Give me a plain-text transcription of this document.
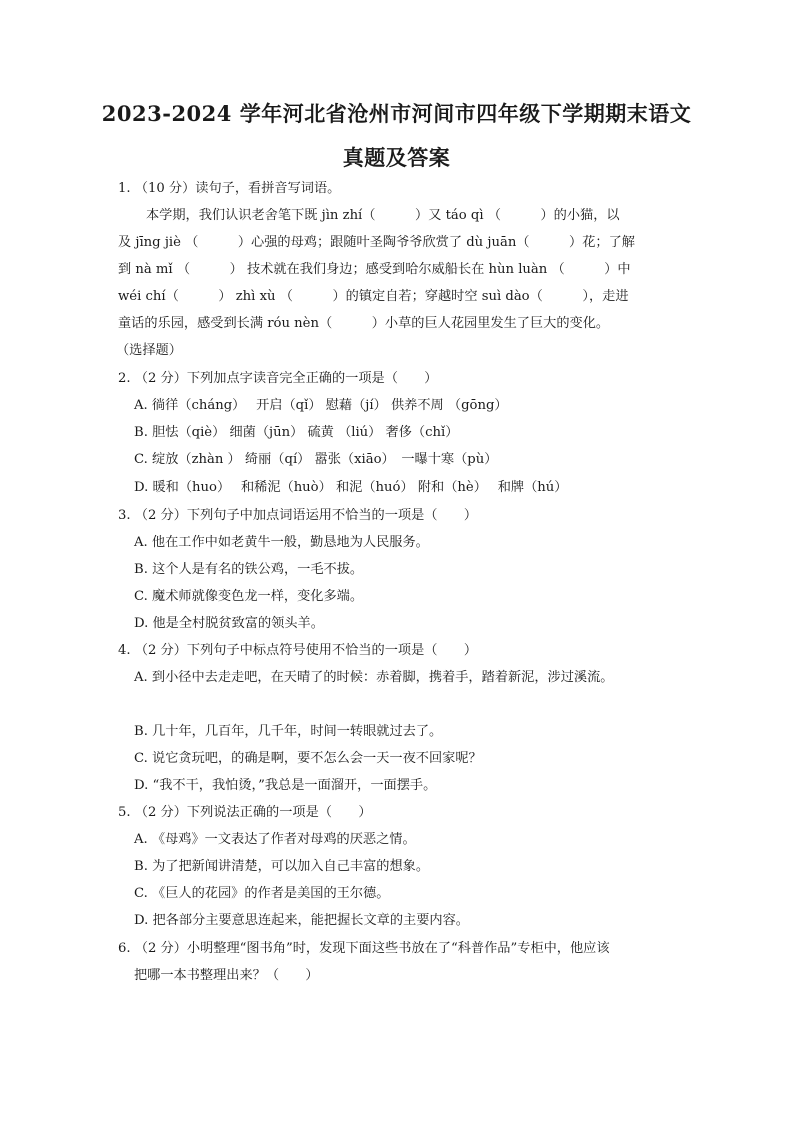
2023-2024 学年河北省沧州市河间市四年级下学期期末语文
真题及答案
1. （10 分）读句子，看拼音写词语。
本学期，我们认识老舍笔下既 jìn zhí（　　　）又 táo qì （　　　）的小猫，以
及 jīng jiè （　　　）心强的母鸡；跟随叶圣陶爷爷欣赏了 dù juān（　　　）花；了解
到 nà mǐ （　　　） 技术就在我们身边；感受到哈尔威船长在 hùn luàn （　　　）中
wéi chí（　　　） zhì xù （　　　）的镇定自若；穿越时空 suì dào（　　　），走进
童话的乐园，感受到长满 róu nèn（　　　）小草的巨人花园里发生了巨大的变化。
（选择题）
2. （2 分）下列加点字读音完全正确的一项是（　　）
A. 徜徉（cháng）　 开启（qǐ） 慰藉（jí） 供养不周 （gōng）
B. 胆怯（qiè） 细菌（jūn） 硫黄 （liú） 奢侈（chǐ）
C. 绽放（zhàn ） 绮丽（qí） 嚣张（xiāo）　一曝十寒（pù）
D. 暖和（huo）　 和稀泥（huò） 和泥（huó） 附和（hè）　 和牌（hú）
3. （2 分）下列句子中加点词语运用不恰当的一项是（　　）
A. 他在工作中如老黄牛一般，勤恳地为人民服务。
B. 这个人是有名的铁公鸡，一毛不拔。
C. 魔术师就像变色龙一样，变化多端。
D. 他是全村脱贫致富的领头羊。
4. （2 分）下列句子中标点符号使用不恰当的一项是（　　）
A. 到小径中去走走吧，在天晴了的时候：赤着脚，携着手，踏着新泥，涉过溪流。
B. 几十年，几百年，几千年，时间一转眼就过去了。
C. 说它贪玩吧，的确是啊，要不怎么会一天一夜不回家呢？
D. “我不干，我怕烫，”我总是一面溜开，一面摆手。
5. （2 分）下列说法正确的一项是（　　）
A. 《母鸡》一文表达了作者对母鸡的厌恶之情。
B. 为了把新闻讲清楚，可以加入自己丰富的想象。
C. 《巨人的花园》的作者是美国的王尔德。
D. 把各部分主要意思连起来，能把握长文章的主要内容。
6. （2 分）小明整理“图书角”时，发现下面这些书放在了“科普作品”专柜中，他应该
把哪一本书整理出来？（　　）
